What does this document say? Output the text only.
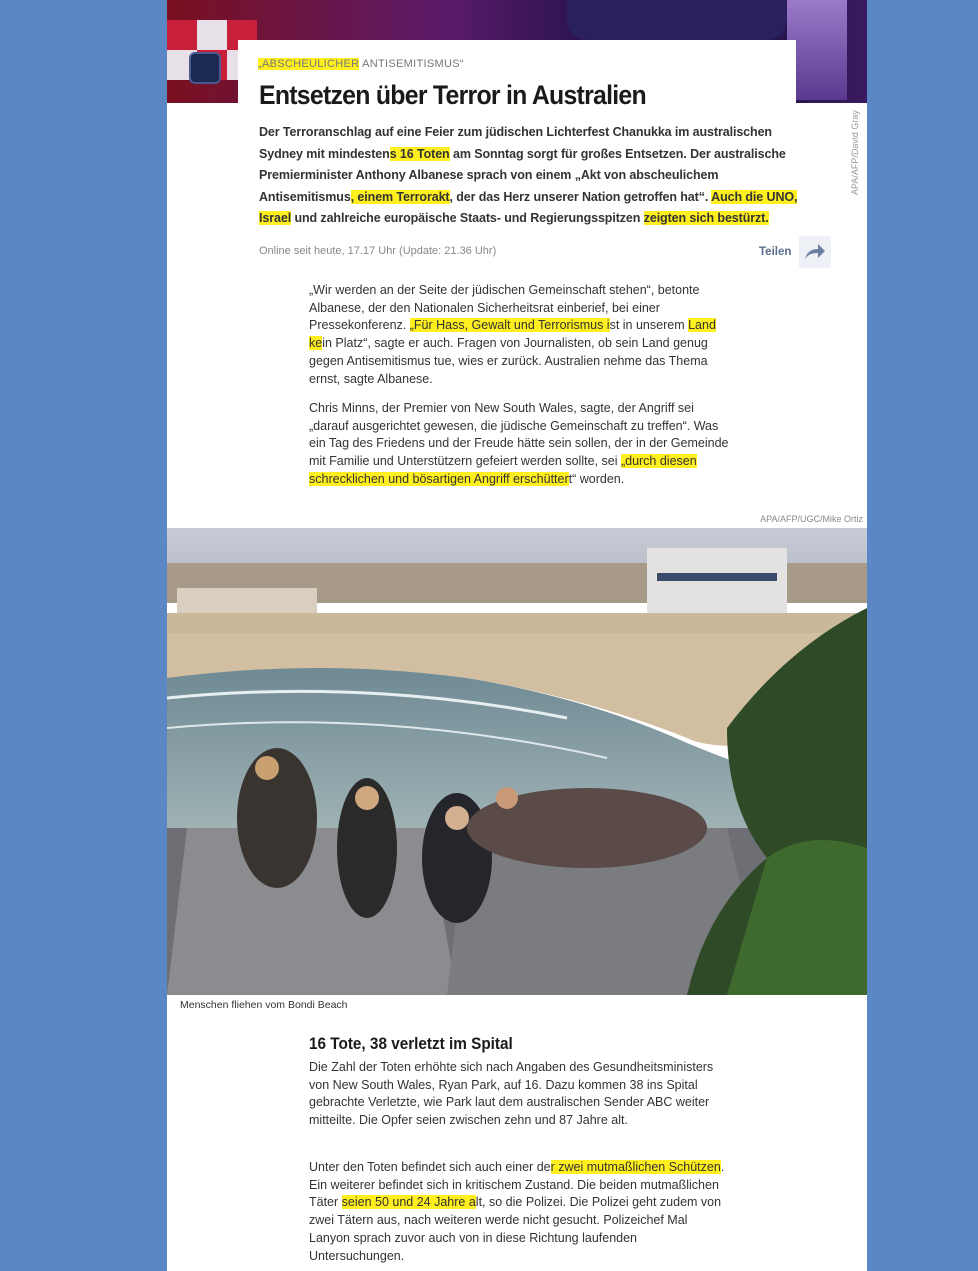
APA/AFP/David Gray
„ABSCHEULICHER ANTISEMITISMUS“
Entsetzen über Terror in Australien
Der Terroranschlag auf eine Feier zum jüdischen Lichterfest Chanukka im australischen Sydney mit mindestens 16 Toten am Sonntag sorgt für großes Entsetzen. Der australische Premierminister Anthony Albanese sprach von einem „Akt von abscheulichem Antisemitismus, einem Terrorakt, der das Herz unserer Nation getroffen hat“. Auch die UNO, Israel und zahlreiche europäische Staats- und Regierungsspitzen zeigten sich bestürzt.
Online seit heute, 17.17 Uhr (Update: 21.36 Uhr)	Teilen
„Wir werden an der Seite der jüdischen Gemeinschaft stehen“, betonte Albanese, der den Nationalen Sicherheitsrat einberief, bei einer Pressekonferenz. „Für Hass, Gewalt und Terrorismus ist in unserem Land kein Platz“, sagte er auch. Fragen von Journalisten, ob sein Land genug gegen Antisemitismus tue, wies er zurück. Australien nehme das Thema ernst, sagte Albanese.
Chris Minns, der Premier von New South Wales, sagte, der Angriff sei „darauf ausgerichtet gewesen, die jüdische Gemeinschaft zu treffen“. Was ein Tag des Friedens und der Freude hätte sein sollen, der in der Gemeinde mit Familie und Unterstützern gefeiert werden sollte, sei „durch diesen schrecklichen und bösartigen Angriff erschüttert“ worden.
APA/AFP/UGC/Mike Ortiz
Menschen fliehen vom Bondi Beach
16 Tote, 38 verletzt im Spital
Die Zahl der Toten erhöhte sich nach Angaben des Gesundheitsministers von New South Wales, Ryan Park, auf 16. Dazu kommen 38 ins Spital gebrachte Verletzte, wie Park laut dem australischen Sender ABC weiter mitteilte. Die Opfer seien zwischen zehn und 87 Jahre alt.
Unter den Toten befindet sich auch einer der zwei mutmaßlichen Schützen. Ein weiterer befindet sich in kritischem Zustand. Die beiden mutmaßlichen Täter seien 50 und 24 Jahre alt, so die Polizei. Die Polizei geht zudem von zwei Tätern aus, nach weiteren werde nicht gesucht. Polizeichef Mal Lanyon sprach zuvor auch von in diese Richtung laufenden Untersuchungen.
